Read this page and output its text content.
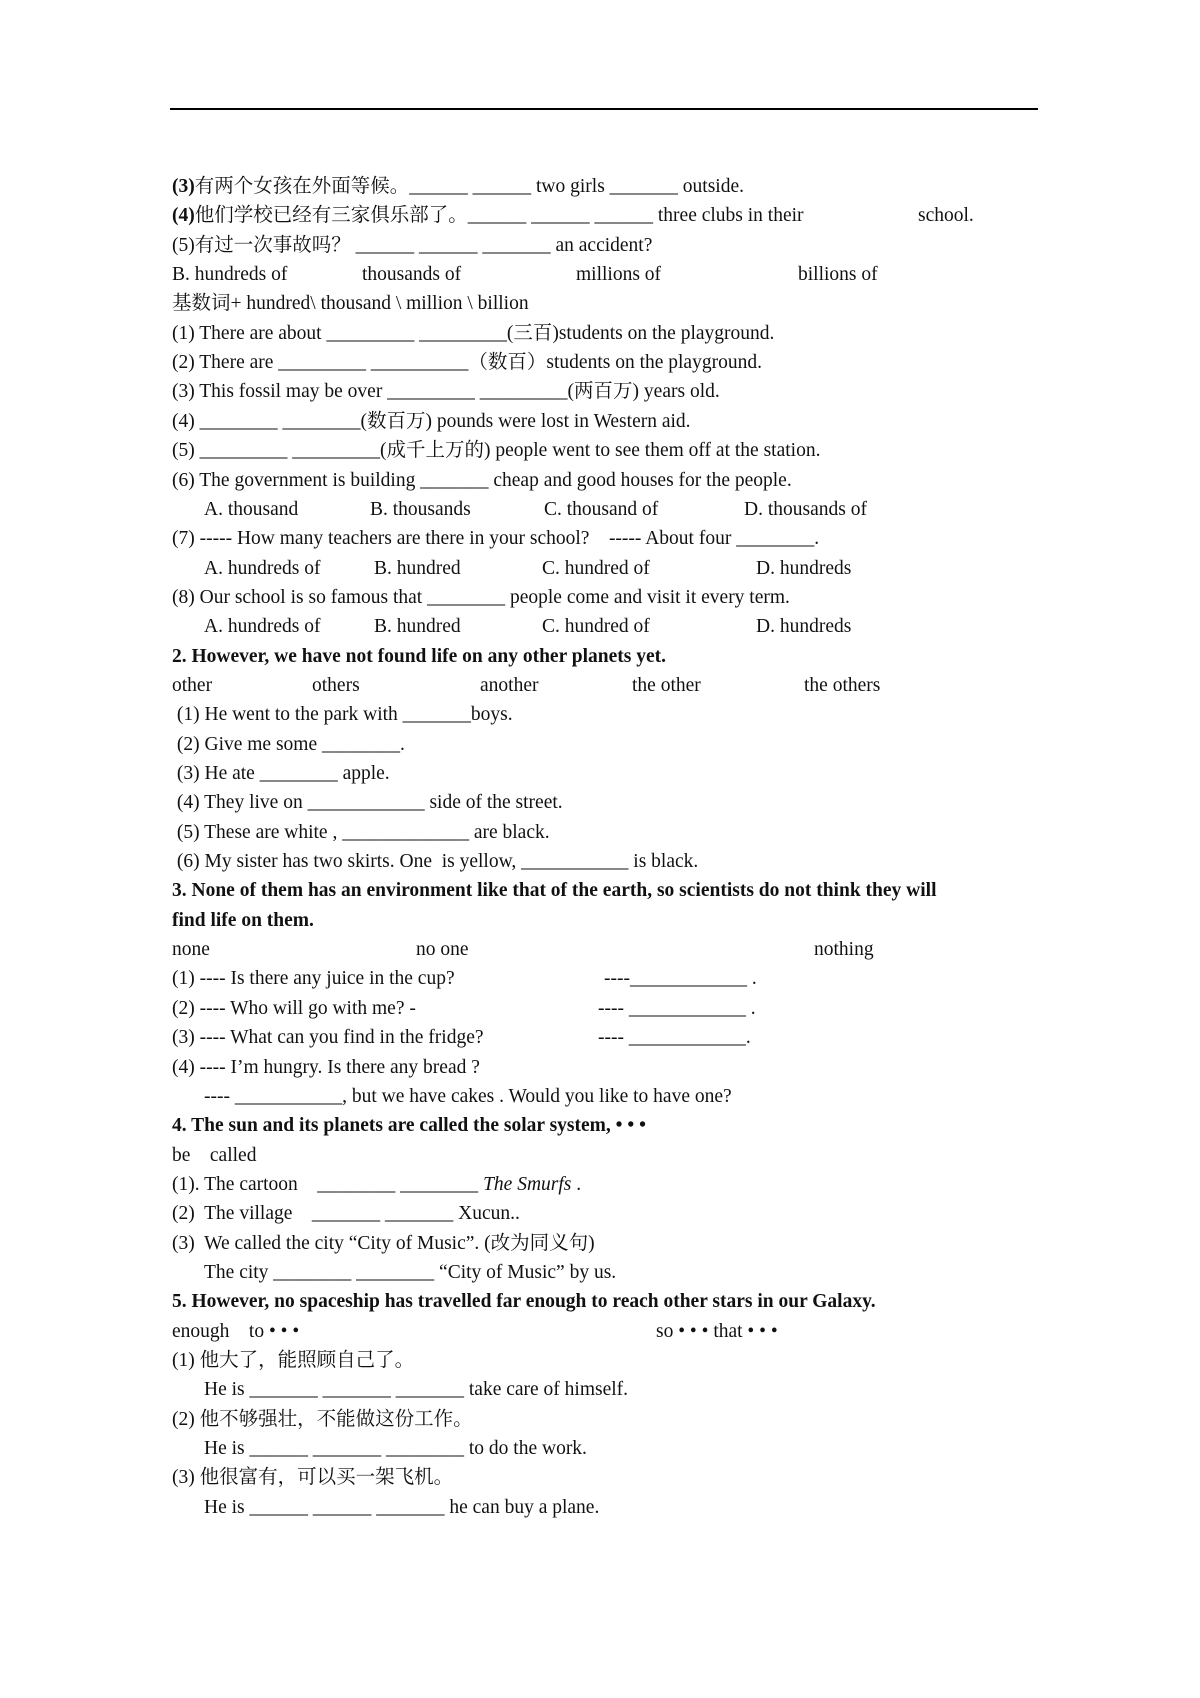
(3)有两个女孩在外面等候。______ ______ two girls _______ outside.
(4)他们学校已经有三家俱乐部了。______ ______ ______ three clubs in their	school.
(5)有过一次事故吗？ ______ ______ _______ an accident?
B. hundreds of	thousands of	millions of	billions of
基数词+ hundred\ thousand \ million \ billion
(1) There are about _________ _________(三百)students on the playground.
(2) There are _________ __________（数百）students on the playground.
(3) This fossil may be over _________ _________(两百万) years old.
(4) ________ ________(数百万) pounds were lost in Western aid.
(5) _________ _________(成千上万的) people went to see them off at the station.
(6) The government is building _______ cheap and good houses for the people.
A. thousand	B. thousands	C. thousand of	D. thousands of
(7) ----- How many teachers are there in your school?    ----- About four ________.
A. hundreds of	B. hundred	C. hundred of	D. hundreds
(8) Our school is so famous that ________ people come and visit it every term.
A. hundreds of	B. hundred	C. hundred of	D. hundreds
2. However, we have not found life on any other planets yet.
other	others	another	the other	the others
(1) He went to the park with _______boys.
(2) Give me some ________.
(3) He ate ________ apple.
(4) They live on ____________ side of the street.
(5) These are white , _____________ are black.
(6) My sister has two skirts. One  is yellow, ___________ is black.
3. None of them has an environment like that of the earth, so scientists do not think they will
find life on them.
none	no one	nothing
(1) ---- Is there any juice in the cup?	----____________ .
(2) ---- Who will go with me? -	---- ____________ .
(3) ---- What can you find in the fridge?	---- ____________.
(4) ---- I’m hungry. Is there any bread ?
---- ___________, but we have cakes . Would you like to have one?
4. The sun and its planets are called the solar system, • • •
be    called
(1). The cartoon    ________ ________ The Smurfs .
(2)  The village    _______ _______ Xucun..
(3)  We called the city “City of Music”. (改为同义句)
The city ________ ________ “City of Music” by us.
5. However, no spaceship has travelled far enough to reach other stars in our Galaxy.
enough    to • • •	so • • • that • • •
(1) 他大了，能照顾自己了。
He is _______ _______ _______ take care of himself.
(2) 他不够强壮，不能做这份工作。
He is ______ _______ ________ to do the work.
(3) 他很富有，可以买一架飞机。
He is ______ ______ _______ he can buy a plane.
